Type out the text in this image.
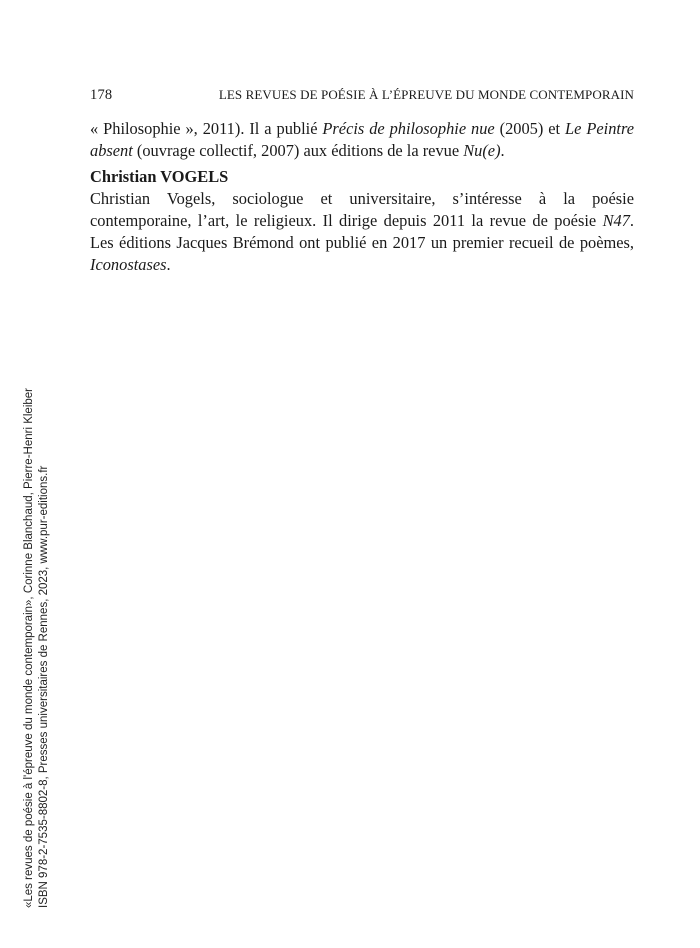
178	LES REVUES DE POÉSIE À L’ÉPREUVE DU MONDE CONTEMPORAIN

« Philosophie », 2011). Il a publié Précis de philosophie nue (2005) et Le Peintre absent (ouvrage collectif, 2007) aux éditions de la revue Nu(e).

Christian VOGELS

Christian Vogels, sociologue et universitaire, s’intéresse à la poésie contemporaine, l’art, le religieux. Il dirige depuis 2011 la revue de poésie N47. Les éditions Jacques Brémond ont publié en 2017 un premier recueil de poèmes, Iconostases.

«Les revues de poésie à l'épreuve du monde contemporain», Corinne Blanchaud, Pierre-Henri Kleiber ISBN 978-2-7535-8802-8, Presses universitaires de Rennes, 2023, www.pur-editions.fr
